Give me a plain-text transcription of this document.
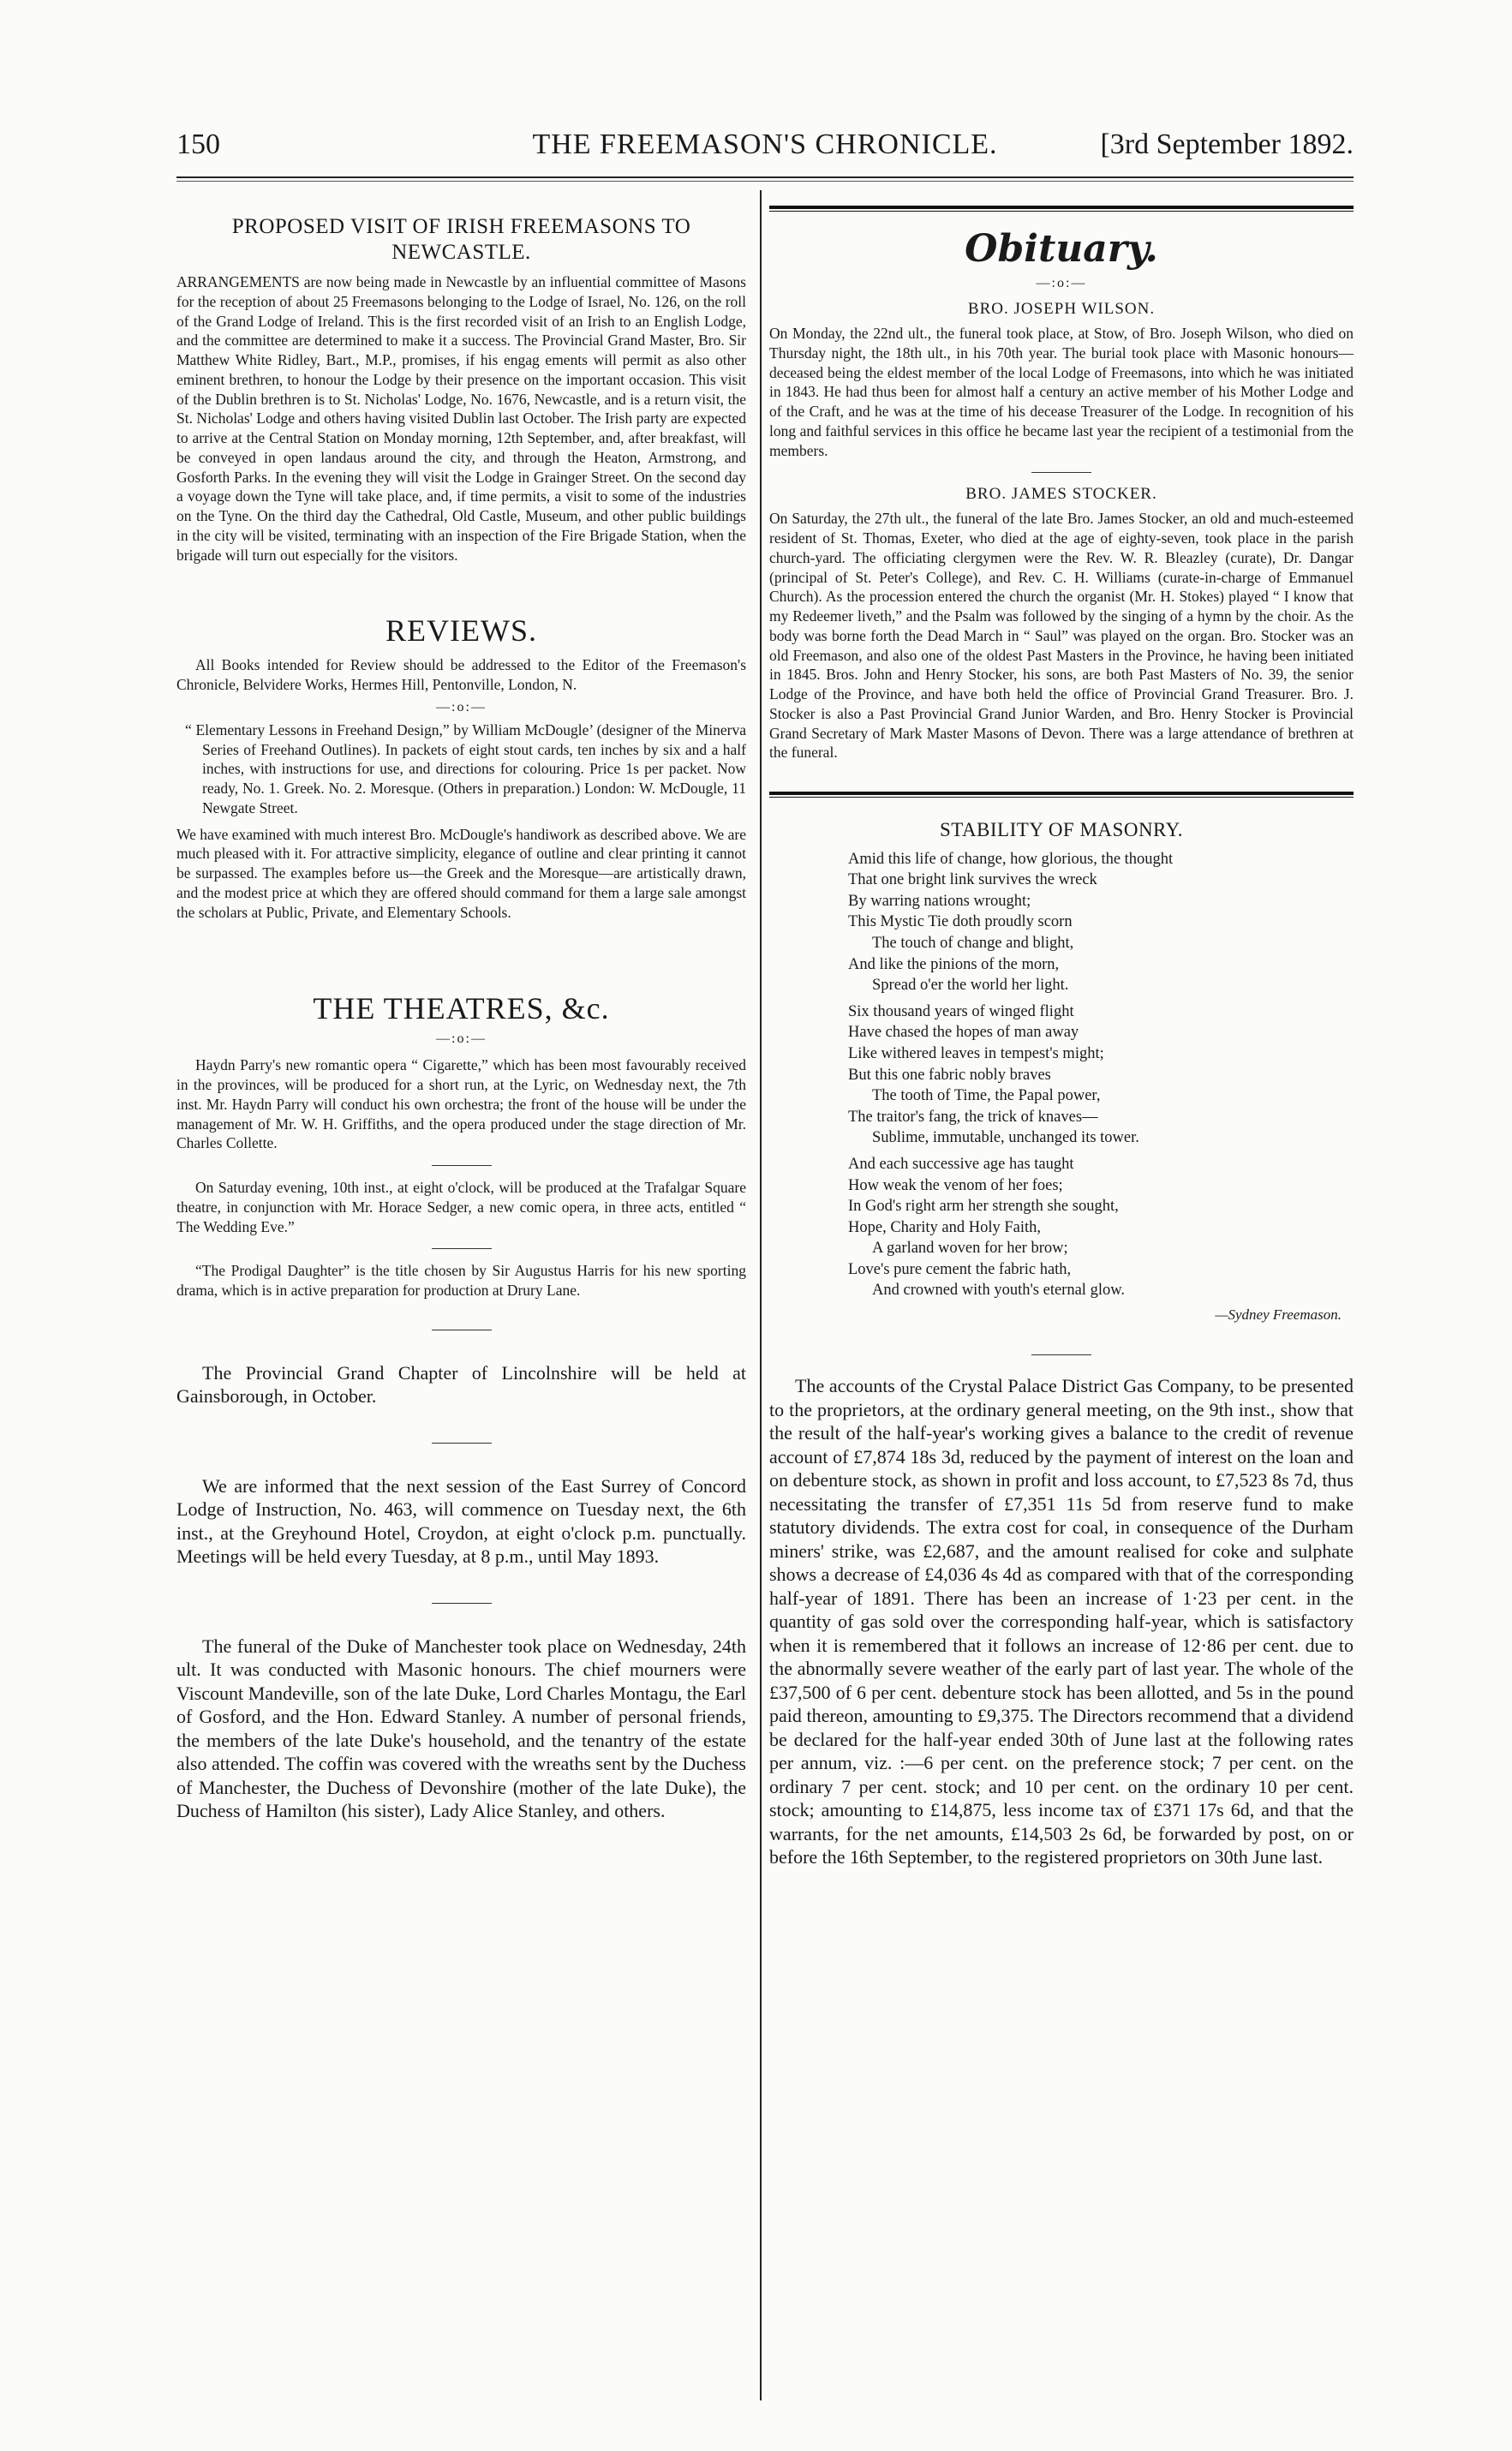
150	THE FREEMASON'S CHRONICLE.	[3rd September 1892.
PROPOSED VISIT OF IRISH FREEMASONS TO NEWCASTLE.
ARRANGEMENTS are now being made in Newcastle by an influential committee of Masons for the reception of about 25 Freemasons belonging to the Lodge of Israel, No. 126, on the roll of the Grand Lodge of Ireland. This is the first recorded visit of an Irish to an English Lodge, and the committee are determined to make it a success. The Provincial Grand Master, Bro. Sir Matthew White Ridley, Bart., M.P., promises, if his engag ements will permit as also other eminent brethren, to honour the Lodge by their presence on the important occasion. This visit of the Dublin brethren is to St. Nicholas' Lodge, No. 1676, Newcastle, and is a return visit, the St. Nicholas' Lodge and others having visited Dublin last October. The Irish party are expected to arrive at the Central Station on Monday morning, 12th September, and, after breakfast, will be conveyed in open landaus around the city, and through the Heaton, Armstrong, and Gosforth Parks. In the evening they will visit the Lodge in Grainger Street. On the second day a voyage down the Tyne will take place, and, if time permits, a visit to some of the industries on the Tyne. On the third day the Cathedral, Old Castle, Museum, and other public buildings in the city will be visited, terminating with an inspection of the Fire Brigade Station, when the brigade will turn out especially for the visitors.
REVIEWS.
All Books intended for Review should be addressed to the Editor of the Freemason's Chronicle, Belvidere Works, Hermes Hill, Pentonville, London, N.
—:o:—
“ Elementary Lessons in Freehand Design,” by William McDougle’ (designer of the Minerva Series of Freehand Outlines). In packets of eight stout cards, ten inches by six and a half inches, with instructions for use, and directions for colouring. Price 1s per packet. Now ready, No. 1. Greek. No. 2. Moresque. (Others in preparation.) London: W. McDougle, 11 Newgate Street.
We have examined with much interest Bro. McDougle's handiwork as described above. We are much pleased with it. For attractive simplicity, elegance of outline and clear printing it cannot be surpassed. The examples before us—the Greek and the Moresque—are artistically drawn, and the modest price at which they are offered should command for them a large sale amongst the scholars at Public, Private, and Elementary Schools.
THE THEATRES, &c.
—:o:—
Haydn Parry's new romantic opera “ Cigarette,” which has been most favourably received in the provinces, will be produced for a short run, at the Lyric, on Wednesday next, the 7th inst. Mr. Haydn Parry will conduct his own orchestra; the front of the house will be under the management of Mr. W. H. Griffiths, and the opera produced under the stage direction of Mr. Charles Collette.
On Saturday evening, 10th inst., at eight o'clock, will be produced at the Trafalgar Square theatre, in conjunction with Mr. Horace Sedger, a new comic opera, in three acts, entitled “ The Wedding Eve.”
“The Prodigal Daughter” is the title chosen by Sir Augustus Harris for his new sporting drama, which is in active preparation for production at Drury Lane.
The Provincial Grand Chapter of Lincolnshire will be held at Gainsborough, in October.
We are informed that the next session of the East Surrey of Concord Lodge of Instruction, No. 463, will commence on Tuesday next, the 6th inst., at the Greyhound Hotel, Croydon, at eight o'clock p.m. punctually. Meetings will be held every Tuesday, at 8 p.m., until May 1893.
The funeral of the Duke of Manchester took place on Wednesday, 24th ult. It was conducted with Masonic honours. The chief mourners were Viscount Mandeville, son of the late Duke, Lord Charles Montagu, the Earl of Gosford, and the Hon. Edward Stanley. A number of personal friends, the members of the late Duke's household, and the tenantry of the estate also attended. The coffin was covered with the wreaths sent by the Duchess of Manchester, the Duchess of Devonshire (mother of the late Duke), the Duchess of Hamilton (his sister), Lady Alice Stanley, and others.
Obituary.
—:o:—
BRO. JOSEPH WILSON.
On Monday, the 22nd ult., the funeral took place, at Stow, of Bro. Joseph Wilson, who died on Thursday night, the 18th ult., in his 70th year. The burial took place with Masonic honours—deceased being the eldest member of the local Lodge of Freemasons, into which he was initiated in 1843. He had thus been for almost half a century an active member of his Mother Lodge and of the Craft, and he was at the time of his decease Treasurer of the Lodge. In recognition of his long and faithful services in this office he became last year the recipient of a testimonial from the members.
BRO. JAMES STOCKER.
On Saturday, the 27th ult., the funeral of the late Bro. James Stocker, an old and much-esteemed resident of St. Thomas, Exeter, who died at the age of eighty-seven, took place in the parish church-yard. The officiating clergymen were the Rev. W. R. Bleazley (curate), Dr. Dangar (principal of St. Peter's College), and Rev. C. H. Williams (curate-in-charge of Emmanuel Church). As the procession entered the church the organist (Mr. H. Stokes) played “ I know that my Redeemer liveth,” and the Psalm was followed by the singing of a hymn by the choir. As the body was borne forth the Dead March in “ Saul” was played on the organ. Bro. Stocker was an old Freemason, and also one of the oldest Past Masters in the Province, he having been initiated in 1845. Bros. John and Henry Stocker, his sons, are both Past Masters of No. 39, the senior Lodge of the Province, and have both held the office of Provincial Grand Treasurer. Bro. J. Stocker is also a Past Provincial Grand Junior Warden, and Bro. Henry Stocker is Provincial Grand Secretary of Mark Master Masons of Devon. There was a large attendance of brethren at the funeral.
STABILITY OF MASONRY.
Amid this life of change, how glorious, the thought
That one bright link survives the wreck
By warring nations wrought;
This Mystic Tie doth proudly scorn
The touch of change and blight,
And like the pinions of the morn,
Spread o'er the world her light.
Six thousand years of winged flight
Have chased the hopes of man away
Like withered leaves in tempest's might;
But this one fabric nobly braves
The tooth of Time, the Papal power,
The traitor's fang, the trick of knaves—
Sublime, immutable, unchanged its tower.
And each successive age has taught
How weak the venom of her foes;
In God's right arm her strength she sought,
Hope, Charity and Holy Faith,
A garland woven for her brow;
Love's pure cement the fabric hath,
And crowned with youth's eternal glow.
—Sydney Freemason.
The accounts of the Crystal Palace District Gas Company, to be presented to the proprietors, at the ordinary general meeting, on the 9th inst., show that the result of the half-year's working gives a balance to the credit of revenue account of £7,874 18s 3d, reduced by the payment of interest on the loan and on debenture stock, as shown in profit and loss account, to £7,523 8s 7d, thus necessitating the transfer of £7,351 11s 5d from reserve fund to make statutory dividends. The extra cost for coal, in consequence of the Durham miners' strike, was £2,687, and the amount realised for coke and sulphate shows a decrease of £4,036 4s 4d as compared with that of the corresponding half-year of 1891. There has been an increase of 1·23 per cent. in the quantity of gas sold over the corresponding half-year, which is satisfactory when it is remembered that it follows an increase of 12·86 per cent. due to the abnormally severe weather of the early part of last year. The whole of the £37,500 of 6 per cent. debenture stock has been allotted, and 5s in the pound paid thereon, amounting to £9,375. The Directors recommend that a dividend be declared for the half-year ended 30th of June last at the following rates per annum, viz. :—6 per cent. on the preference stock; 7 per cent. on the ordinary 7 per cent. stock; and 10 per cent. on the ordinary 10 per cent. stock; amounting to £14,875, less income tax of £371 17s 6d, and that the warrants, for the net amounts, £14,503 2s 6d, be forwarded by post, on or before the 16th September, to the registered proprietors on 30th June last.
